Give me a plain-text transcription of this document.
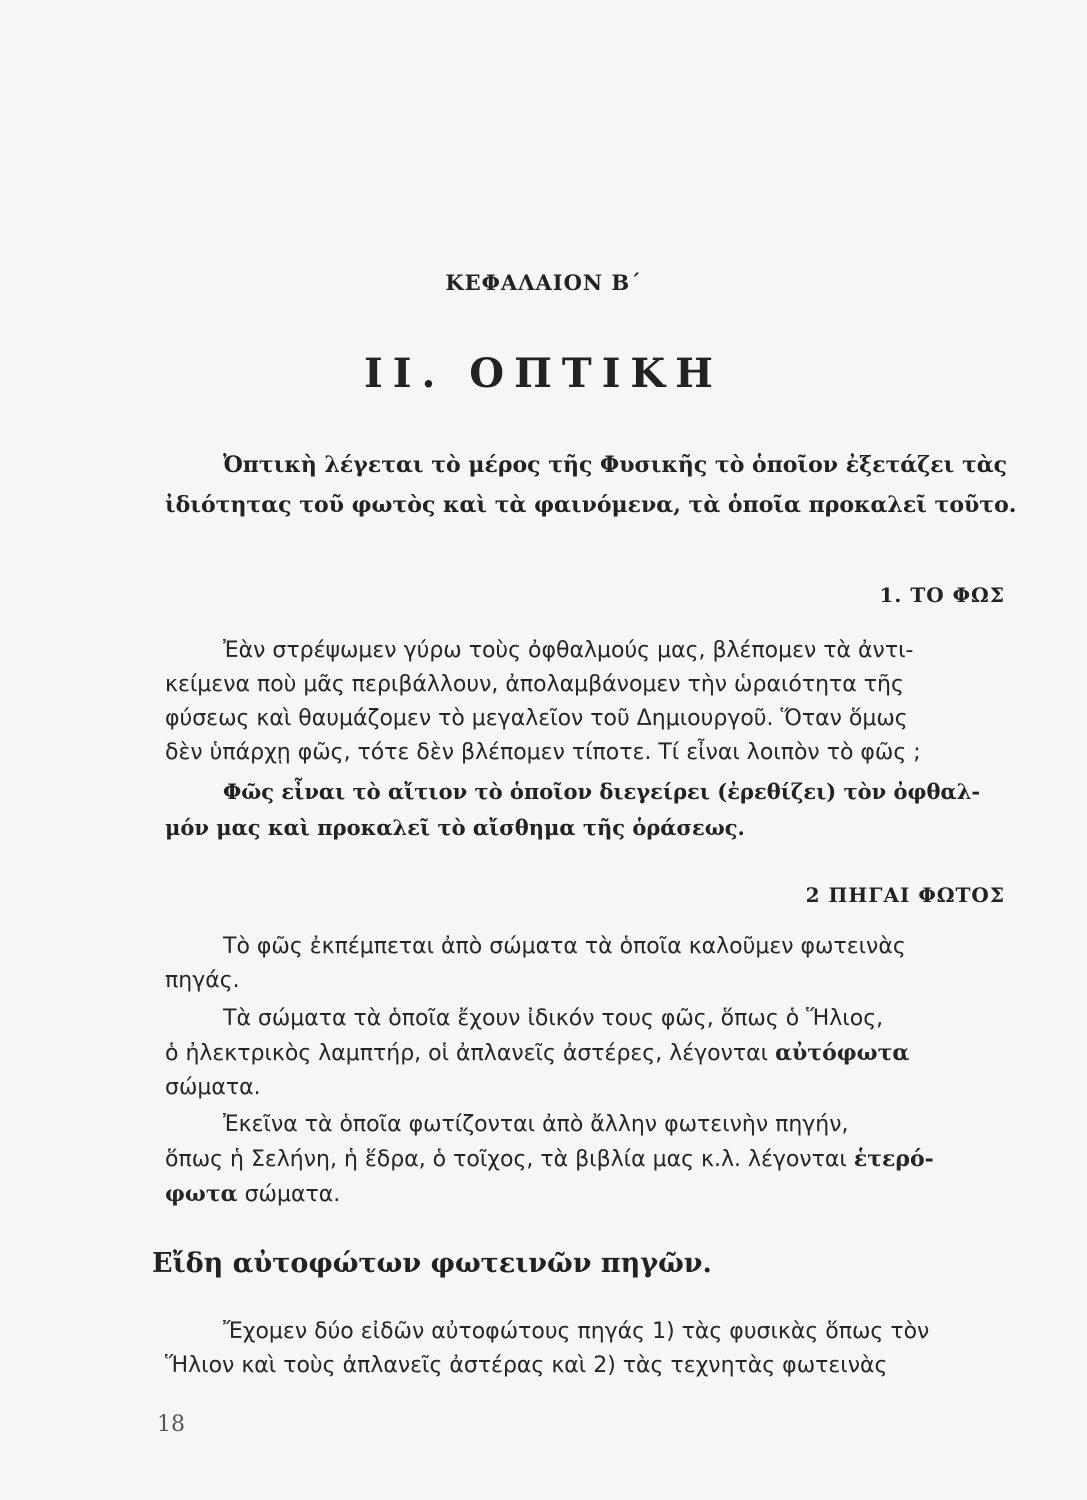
ΚΕΦΑΛΑΙΟΝ Β΄
II. ΟΠΤΙΚΗ
Ὀπτικὴ λέγεται τὸ μέρος τῆς Φυσικῆς τὸ ὁποῖον ἐξετάζει τὰς
ἰδιότητας τοῦ φωτὸς καὶ τὰ φαινόμενα, τὰ ὁποῖα προκαλεῖ τοῦτο.
1. ΤΟ ΦΩΣ
Ἐὰν στρέψωμεν γύρω τοὺς ὀφθαλμούς μας, βλέπομεν τὰ ἀντι-
κείμενα ποὺ μᾶς περιβάλλουν, ἀπολαμβάνομεν τὴν ὡραιότητα τῆς
φύσεως καὶ θαυμάζομεν τὸ μεγαλεῖον τοῦ Δημιουργοῦ. Ὅταν ὅμως
δὲν ὑπάρχῃ φῶς, τότε δὲν βλέπομεν τίποτε. Τί εἶναι λοιπὸν τὸ φῶς ;
Φῶς εἶναι τὸ αἴτιον τὸ ὁποῖον διεγείρει (ἐρεθίζει) τὸν ὀφθαλ-
μόν μας καὶ προκαλεῖ τὸ αἴσθημα τῆς ὁράσεως.
2 ΠΗΓΑΙ ΦΩΤΟΣ
Τὸ φῶς ἐκπέμπεται ἀπὸ σώματα τὰ ὁποῖα καλοῦμεν φωτεινὰς
πηγάς.
Τὰ σώματα τὰ ὁποῖα ἔχουν ἰδικόν τους φῶς, ὅπως ὁ Ἥλιος,
ὁ ἠλεκτρικὸς λαμπτήρ, οἱ ἀπλανεῖς ἀστέρες, λέγονται αὐτόφωτα
σώματα.
Ἐκεῖνα τὰ ὁποῖα φωτίζονται ἀπὸ ἄλλην φωτεινὴν πηγήν,
ὅπως ἡ Σελήνη, ἡ ἕδρα, ὁ τοῖχος, τὰ βιβλία μας κ.λ. λέγονται ἑτερό-
φωτα σώματα.
Εἴδη αὐτοφώτων φωτεινῶν πηγῶν.
Ἔχομεν δύο εἰδῶν αὐτοφώτους πηγάς 1) τὰς φυσικὰς ὅπως τὸν
Ἥλιον καὶ τοὺς ἀπλανεῖς ἀστέρας καὶ 2) τὰς τεχνητὰς φωτεινὰς
18
